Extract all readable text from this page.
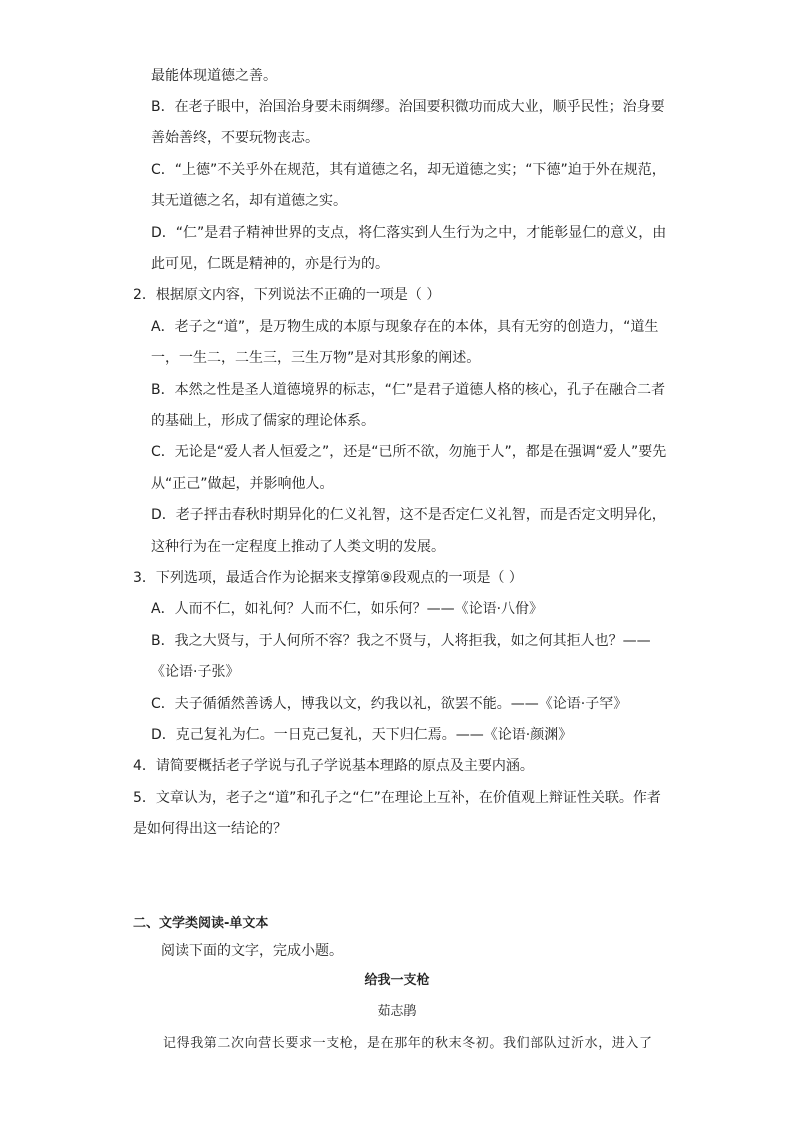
最能体现道德之善。
B．在老子眼中，治国治身要未雨绸缪。治国要积微功而成大业，顺乎民性；治身要
善始善终，不要玩物丧志。
C．“上德”不关乎外在规范，其有道德之名，却无道德之实；“下德”迫于外在规范，
其无道德之名，却有道德之实。
D．“仁”是君子精神世界的支点，将仁落实到人生行为之中，才能彰显仁的意义，由
此可见，仁既是精神的，亦是行为的。
2．根据原文内容，下列说法不正确的一项是（ ）
A．老子之“道”，是万物生成的本原与现象存在的本体，具有无穷的创造力，“道生
一，一生二，二生三，三生万物”是对其形象的阐述。
B．本然之性是圣人道德境界的标志，“仁”是君子道德人格的核心，孔子在融合二者
的基础上，形成了儒家的理论体系。
C．无论是“爱人者人恒爱之”，还是“已所不欲，勿施于人”，都是在强调“爱人”要先
从“正己”做起，并影响他人。
D．老子抨击春秋时期异化的仁义礼智，这不是否定仁义礼智，而是否定文明异化，
这种行为在一定程度上推动了人类文明的发展。
3．下列选项，最适合作为论据来支撑第⑨段观点的一项是（ ）
A．人而不仁，如礼何？人而不仁，如乐何？——《论语·八佾》
B．我之大贤与，于人何所不容？我之不贤与，人将拒我，如之何其拒人也？——
《论语·子张》
C．夫子循循然善诱人，博我以文，约我以礼，欲罢不能。——《论语·子罕》
D．克己复礼为仁。一日克己复礼，天下归仁焉。——《论语·颜渊》
4．请简要概括老子学说与孔子学说基本理路的原点及主要内涵。
5．文章认为，老子之“道”和孔子之“仁”在理论上互补，在价值观上辩证性关联。作者
是如何得出这一结论的？
二、文学类阅读-单文本
阅读下面的文字，完成小题。
给我一支枪
茹志鹃
记得我第二次向营长要求一支枪，是在那年的秋末冬初。我们部队过沂水，进入了
